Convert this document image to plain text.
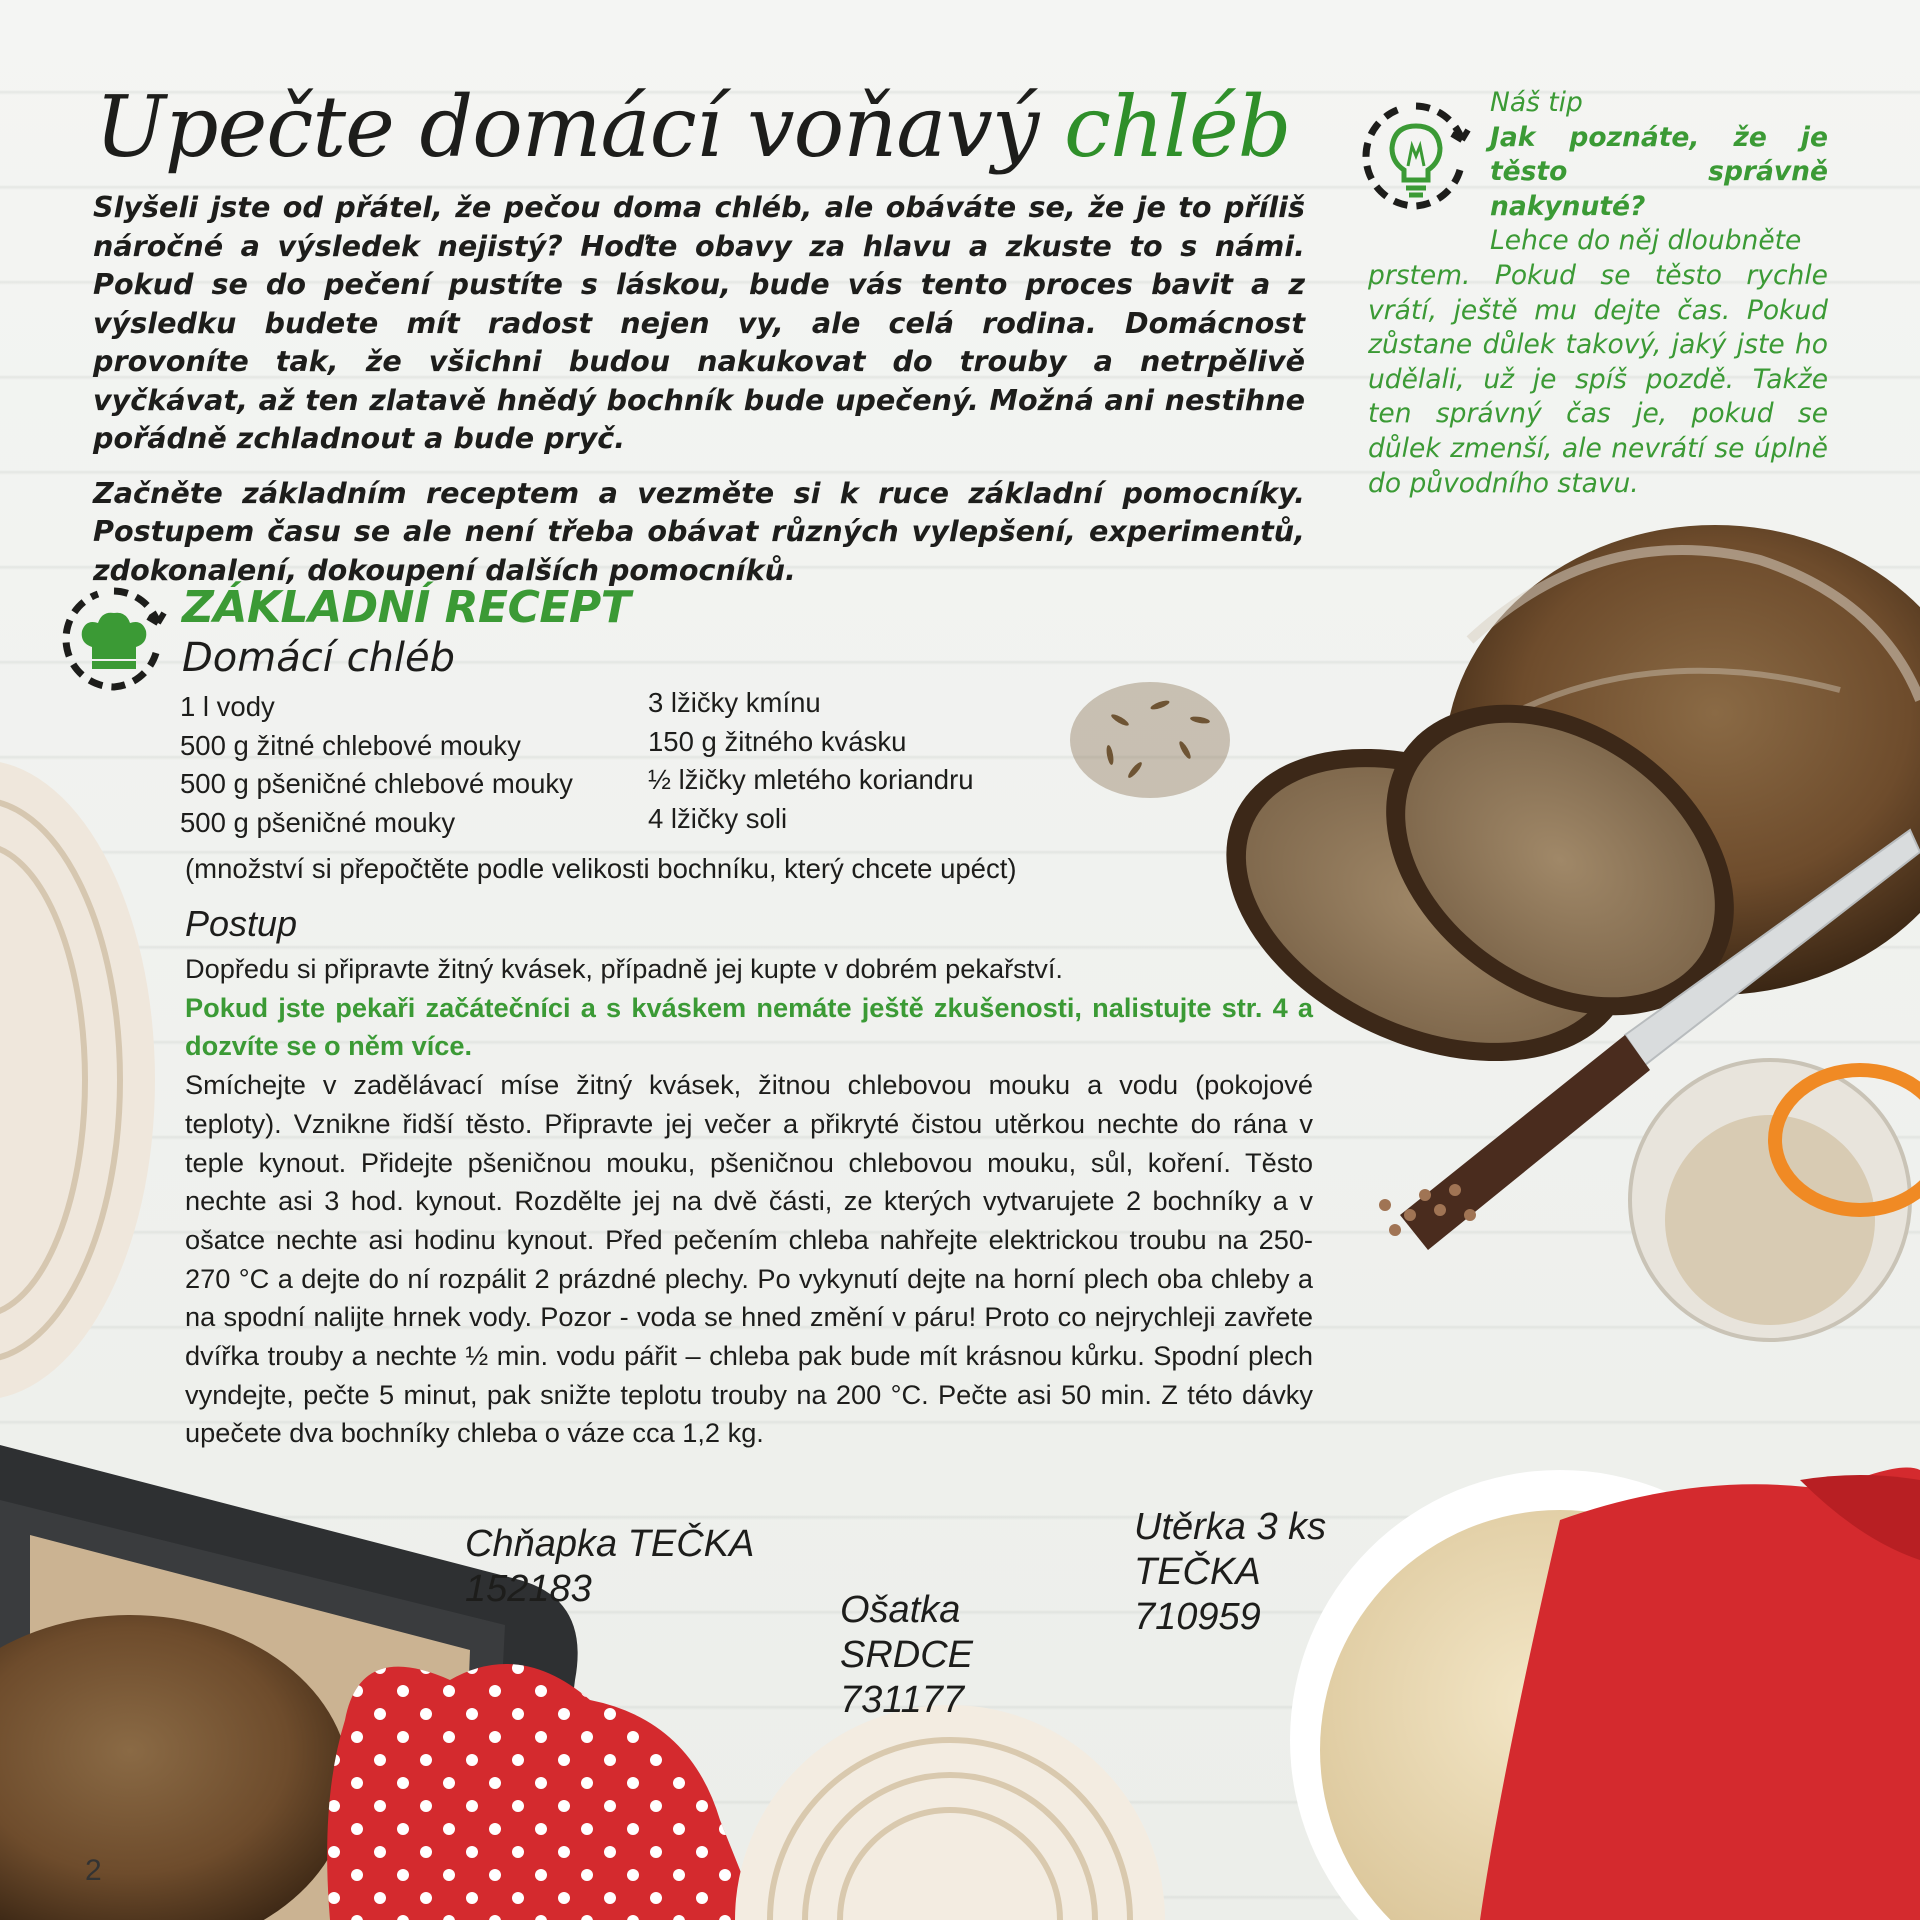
Upečte domácí voňavý chléb

Slyšeli jste od přátel, že pečou doma chléb, ale obáváte se, že je to příliš náročné a výsledek nejistý? Hoďte obavy za hlavu a zkuste to s námi. Pokud se do pečení pustíte s láskou, bude vás tento proces bavit a z výsledku budete mít radost nejen vy, ale celá rodina. Domácnost provoníte tak, že všichni budou nakukovat do trouby a netrpělivě vyčkávat, až ten zlatavě hnědý bochník bude upečený. Možná ani nestihne pořádně zchladnout a bude pryč.

Začněte základním receptem a vezměte si k ruce základní pomocníky. Postupem času se ale není třeba obávat různých vylepšení, experimentů, zdokonalení, dokoupení dalších pomocníků.

Náš tip
Jak poznáte, že je těsto správně nakynuté?
Lehce do něj dloubněte
prstem. Pokud se těsto rychle vrátí, ještě mu dejte čas. Pokud zůstane důlek takový, jaký jste ho udělali, už je spíš pozdě. Takže ten správný čas je, pokud se důlek zmenší, ale nevrátí se úplně do původního stavu.
ZÁKLADNÍ RECEPT
Domácí chléb
1 l vody
500 g žitné chlebové mouky
500 g pšeničné chlebové mouky
500 g pšeničné mouky
3 lžičky kmínu
150 g žitného kvásku
½ lžičky mletého koriandru
4 lžičky soli
(množství si přepočtěte podle velikosti bochníku, který chcete upéct)
Postup
Dopředu si připravte žitný kvásek, případně jej kupte v dobrém pekařství.
Pokud jste pekaři začátečníci a s kváskem nemáte ještě zkušenosti, nalistujte str. 4 a dozvíte se o něm více.
Smíchejte v zadělávací míse žitný kvásek, žitnou chlebovou mouku a vodu (pokojové teploty). Vznikne řidší těsto. Připravte jej večer a přikryté čistou utěrkou nechte do rána v teple kynout. Přidejte pšeničnou mouku, pšeničnou chlebovou mouku, sůl, koření. Těsto nechte asi 3 hod. kynout. Rozdělte jej na dvě části, ze kterých vytvarujete 2 bochníky a v ošatce nechte asi hodinu kynout. Před pečením chleba nahřejte elektrickou troubu na 250-270 °C a dejte do ní rozpálit 2 prázdné plechy. Po vykynutí dejte na horní plech oba chleby a na spodní nalijte hrnek vody. Pozor - voda se hned změní v páru! Proto co nejrychleji zavřete dvířka trouby a nechte ½ min. vodu pářit – chleba pak bude mít krásnou kůrku. Spodní plech vyndejte, pečte 5 minut, pak snižte teplotu trouby na 200 °C. Pečte asi 50 min. Z této dávky upečete dva bochníky chleba o váze cca 1,2 kg.
Chňapka TEČKA
152183	Ošatka
SRDCE
731177
Utěrka 3 ks
TEČKA
710959
2
